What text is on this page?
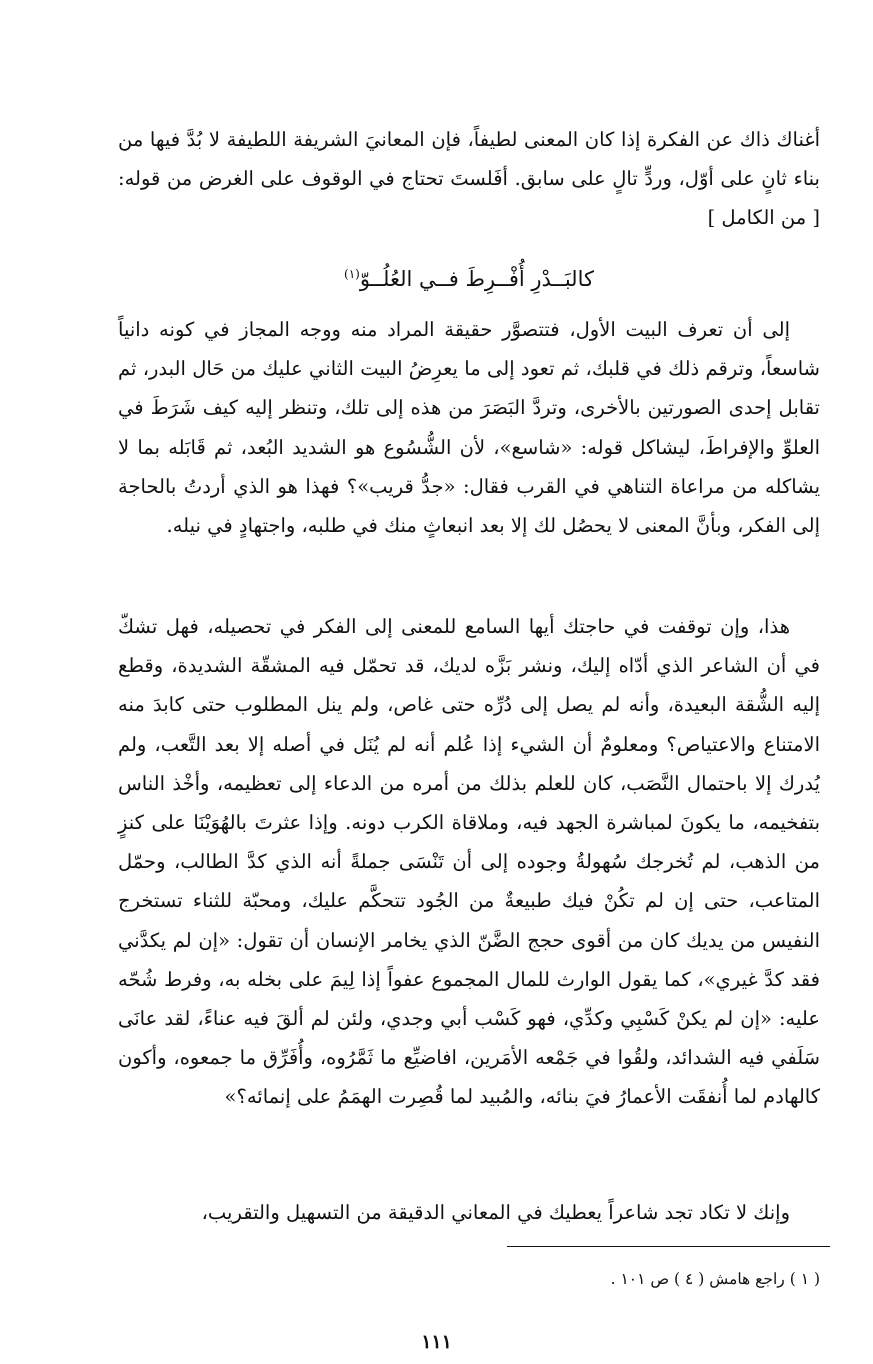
أغناك ذاك عن الفكرة إذا كان المعنى لطيفاً، فإن المعانيَ الشريفة اللطيفة لا بُدَّ فيها من بناء ثانٍ على أوّل، وردٍّ تالٍ على سابق. أفَلستَ تحتاج في الوقوف على الغرض من قوله: [ من الكامل ]

كالبَــدْرِ أُفْــرِطَ فــي العُلُــوّ$^{(١)}$

إلى أن تعرف البيت الأول، فتتصوَّر حقيقة المراد منه ووجه المجاز في كونه دانياً شاسعاً، وترقم ذلك في قلبك، ثم تعود إلى ما يعرِضُ البيت الثاني عليك من حَال البدر، ثم تقابل إحدى الصورتين بالأخرى، وتردَّ البَصَرَ من هذه إلى تلك، وتنظر إليه كيف شَرَطَ في العلوِّ والإفراطَ، ليشاكل قوله: «شاسع»، لأن الشُّسُوع هو الشديد البُعد، ثم قَابَله بما لا يشاكله من مراعاة التناهي في القرب فقال: «جدُّ قريب»؟ فهذا هو الذي أردتُ بالحاجة إلى الفكر، وبأنَّ المعنى لا يحصُل لك إلا بعد انبعاثٍ منك في طلبه، واجتهادٍ في نيله.

هذا، وإن توقفت في حاجتك أيها السامع للمعنى إلى الفكر في تحصيله، فهل تشكّ في أن الشاعر الذي أدّاه إليك، ونشر بَزَّه لديك، قد تحمّل فيه المشقّة الشديدة، وقطع إليه الشُّقة البعيدة، وأنه لم يصل إلى دُرِّه حتى غاص، ولم ينل المطلوب حتى كابدَ منه الامتناع والاعتياص؟ ومعلومٌ أن الشيء إذا عُلم أنه لم يُنَل في أصله إلا بعد التَّعب، ولم يُدرك إلا باحتمال النَّصَب، كان للعلم بذلك من أمره من الدعاء إلى تعظيمه، وأخْذ الناس بتفخيمه، ما يكونَ لمباشرة الجهد فيه، وملاقاة الكرب دونه. وإذا عثرتَ بالهُوَيْنَا على كنزٍ من الذهب، لم تُخرجك سُهولةُ وجوده إلى أن تَنْسَى جملةً أنه الذي كدَّ الطالب، وحمّل المتاعب، حتى إن لم تكُنْ فيك طبيعةٌ من الجُود تتحكَّم عليك، ومحبّة للثناء تستخرج النفيس من يديك كان من أقوى حجج الضَّنّ الذي يخامر الإنسان أن تقول: «إن لم يكدَّني فقد كدَّ غيري»، كما يقول الوارث للمال المجموع عفواً إذا لِيمَ على بخله به، وفرط شُحّه عليه: «إن لم يكنْ كَسْبِي وكدِّي، فهو كَسْب أبي وجدي، ولئن لم ألقَ فيه عناءً، لقد عانَى سَلَفي فيه الشدائد، ولقُوا في جَمْعه الأمَرين، افاضيِّع ما ثَمَّرُوه، وأُفَرِّق ما جمعوه، وأكون كالهادم لما أُنفقَت الأعمارُ فيَ بنائه، والمُبيد لما قُصِرت الهمَمُ على إنمائه؟»

وإنك لا تكاد تجد شاعراً يعطيك في المعاني الدقيقة من التسهيل والتقريب،

( ١ ) راجع هامش ( ٤ ) ص ١٠١ .
١١١
